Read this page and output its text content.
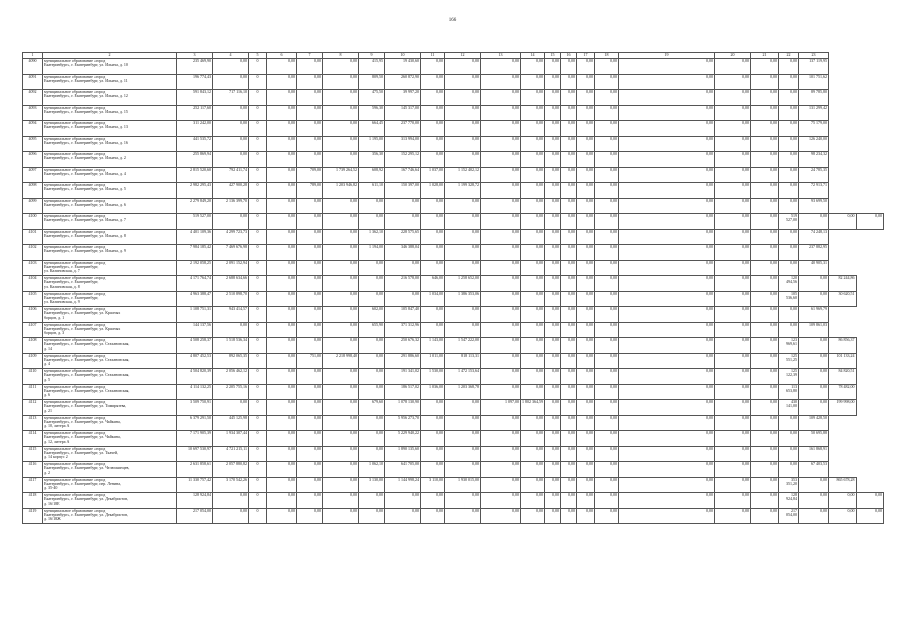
166
1	2	3	4	5	6	7	8	9	10	11	12	13	14	15	16	17	18	19	20	21	22	23		
4090	муниципальное образование «город
Екатеринбург», г. Екатеринбург, ул. Ильича, д. 10	235 469,90	0,00	0	0,00	0,00	0,00	415,95	19 430,60	0,00	0,00	0,00	0,00	0,00	0,00	0,00	0,00	0,00	0,00	0,00	0,00	137 119,95		
4091	муниципальное образование «город
Екатеринбург», г. Екатеринбург, ул. Ильича, д. 11	196 774,43	0,00	0	0,00	0,00	0,00	809,50	260 872,90	0,00	0,00	0,00	0,00	0,00	0,00	0,00	0,00	0,00	0,00	0,00	0,00	101 751,62		
4092	муниципальное образование «город
Екатеринбург», г. Екатеринбург, ул. Ильича, д. 12	591 843,12	717 116,10	0	0,00	0,00	0,00	475,50	39 997,20	0,00	0,00	0,00	0,00	0,00	0,00	0,00	0,00	0,00	0,00	0,00	0,00	89 785,80		
4093	муниципальное образование «город
Екатеринбург», г. Екатеринбург, ул. Ильича, д. 15	252 117,60	0,00	0	0,00	0,00	0,00	596,30	145 317,00	0,00	0,00	0,00	0,00	0,00	0,00	0,00	0,00	0,00	0,00	0,00	0,00	131 299,42		
4094	муниципальное образование «город
Екатеринбург», г. Екатеринбург, ул. Ильича, д. 13	311 242,00	0,00	0	0,00	0,00	0,00	664,45	237 770,00	0,00	0,00	0,00	0,00	0,00	0,00	0,00	0,00	0,00	0,00	0,00	0,00	75 179,00		
4095	муниципальное образование «город
Екатеринбург», г. Екатеринбург, ул. Ильича, д. 16	441 535,72	0,00	0	0,00	0,00	0,00	1 195,00	313 994,00	0,00	0,00	0,00	0,00	0,00	0,00	0,00	0,00	0,00	0,00	0,00	0,00	126 240,00		
4096	муниципальное образование «город
Екатеринбург», г. Екатеринбург, ул. Ильича, д. 2	255 869,94	0,00	0	0,00	0,00	0,00	356,30	152 295,12	0,00	0,00	0,00	0,00	0,00	0,00	0,00	0,00	0,00	0,00	0,00	0,00	98 234,32		
4097	муниципальное образование «город
Екатеринбург», г. Екатеринбург, ул. Ильича, д. 4	2 815 520,60	792 411,74	0	0,00	709,00	1 739 264,52	608,92	167 746,64	1 037,00	1 152 402,12	0,00	0,00	0,00	0,00	0,00	0,00	0,00	0,00	0,00	0,00	24 785,35		
4098	муниципальное образование «город
Екатеринбург», г. Екатеринбург, ул. Ильича, д. 5	2 982 295,43	427 900,28	0	0,00	789,00	1 203 946,82	611,10	150 397,00	1 028,00	1 199 328,72	0,00	0,00	0,00	0,00	0,00	0,00	0,00	0,00	0,00	0,00	72 913,71		
4099	муниципальное образование «город
Екатеринбург», г. Екатеринбург, ул. Ильича, д. 6	2 279 849,20	2 136 399,70	0	0,00	0,00	0,00	0,00	0,00	0,00	0,00	0,00	0,00	0,00	0,00	0,00	0,00	0,00	0,00	0,00	0,00	93 699,50		
4100	муниципальное образование «город
Екатеринбург», г. Екатеринбург, ул. Ильича, д. 7	519 527,00	0,00	0	0,00	0,00	0,00	0,00	0,00	0,00	0,00	0,00	0,00	0,00	0,00	0,00	0,00	0,00	0,00	0,00	519 527,00	0,00	0,00	0,00
4101	муниципальное образование «город
Екатеринбург», г. Екатеринбург, ул. Ильича, д. 8	4 401 109,36	4 299 723,73	0	0,00	0,00	0,00	1 362,10	228 575,65	0,00	0,00	0,00	0,00	0,00	0,00	0,00	0,00	0,00	0,00	0,00	0,00	74 248,13		
4102	муниципальное образование «город
Екатеринбург», г. Екатеринбург, ул. Ильича, д. 9	7 984 185,42	7 469 676,98	0	0,00	0,00	0,00	1 194,00	346 388,04	0,00	0,00	0,00	0,00	0,00	0,00	0,00	0,00	0,00	0,00	0,00	0,00	237 882,95		
4103	муниципальное образование «город
Екатеринбург», г. Екатеринбург,
ул. Калиновская, д. 7	2 192 058,25	2 091 152,94	0	0,00	0,00	0,00	0,00	0,00	0,00	0,00	0,00	0,00	0,00	0,00	0,00	0,00	0,00	0,00	0,00	0,00	40 905,31		
4104	муниципальное образование «город
Екатеринбург», г. Екатеринбург,
ул. Калиновская, д. 8	4 171 764,74	2 688 634,66	0	0,00	0,00	0,00	0,00	216 578,00	646,00	1 258 652,00	0,00	0,00	0,00	0,00	0,00	0,00	0,00	0,00	0,00	120 494,56	0,00	82 244,86	
4105	муниципальное образование «город
Екатеринбург», г. Екатеринбург,
ул. Калиновская, д. 9	4 963 388,47	2 510 898,70	0	0,00	0,00	0,00	0,00	0,00	1 034,00	1 386 353,06	0,00	0,00	0,00	0,00	0,00	0,00	0,00	0,00	0,00	105 536,60	0,00	30 620,51	
4106	муниципальное образование «город
Екатеринбург», г. Екатеринбург, ул. Красных
борцов, д. 1	1 108 751,31	943 414,57	0	0,00	0,00	0,00	602,00	105 847,40	0,00	0,00	0,00	0,00	0,00	0,00	0,00	0,00	0,00	0,00	0,00	0,00	61 969,79		
4107	муниципальное образование «город
Екатеринбург», г. Екатеринбург, ул. Красных
борцов, д. 3	144 137,56	0,00	0	0,00	0,00	0,00	655,90	371 312,96	0,00	0,00	0,00	0,00	0,00	0,00	0,00	0,00	0,00	0,00	0,00	0,00	109 861,03		
4108	муниципальное образование «город
Екатеринбург», г. Екатеринбург, ул. Стахановская,
д. 14	4 508 258,37	1 518 536,34	0	0,00	0,00	0,00	0,00	250 676,32	1 143,00	1 547 222,00	0,00	0,00	0,00	0,00	0,00	0,00	0,00	0,00	0,00	123 969,61	0,00	86 856,37	
4109	муниципальное образование «город
Екатеринбург», г. Екатеринбург, ул. Стахановская,
д. 4	4 807 452,53	892 065,35	0	0,00	751,00	2 218 998,40	0,00	291 886,60	1 011,00	818 113,31	0,00	0,00	0,00	0,00	0,00	0,00	0,00	0,00	0,00	125 551,25	0,00	101 133,24	
4110	муниципальное образование «город
Екатеринбург», г. Екатеринбург, ул. Стахановская,
д. 5	4 504 820,39	2 056 462,12	0	0,00	0,00	0,00	0,00	191 341,02	1 530,00	1 472 153,64	0,00	0,00	0,00	0,00	0,00	0,00	0,00	0,00	0,00	125 122,39	0,00	84 820,51	
4111	муниципальное образование «город
Екатеринбург», г. Екатеринбург, ул. Стахановская,
д. 6	4 114 132,25	2 205 755,16	0	0,00	0,00	0,00	0,00	186 517,02	1 036,00	1 203 368,78	0,00	0,00	0,00	0,00	0,00	0,00	0,00	0,00	0,00	113 653,80	0,00	78 482,00	
4112	муниципальное образование «город
Екатеринбург», г. Екатеринбург, ул. Тимирязева,
д. 21	3 509 750,91	0,00	0	0,00	0,00	0,00	679,60	1 078 130,90	0,00	0,00	1 097,00	1 802 364,59	0,00	0,00	0,00	0,00	0,00	0,00	0,00	430 141,00	0,00	199 998,00	
4113	муниципальное образование «город
Екатеринбург», г. Екатеринбург, ул. Чайкина,
д. 10, литера А	6 379 291,50	445 125,98	0	0,00	0,00	0,00	0,00	5 956 273,70	0,00	0,00	0,00	0,00	0,00	0,00	0,00	0,00	0,00	0,00	0,00	0,00	109 428,50		
4114	муниципальное образование «город
Екатеринбург», г. Екатеринбург, ул. Чайкина,
д. 12, литера А	7 171 905,39	1 934 307,44	0	0,00	0,00	0,00	0,00	5 229 940,22	0,00	0,00	0,00	0,00	0,00	0,00	0,00	0,00	0,00	0,00	0,00	0,00	50 695,88		
4115	муниципальное образование «город
Екатеринбург», г. Екатеринбург, ул. Ткачей,
д. 14 корпус 2	10 697 530,97	4 721 215,11	0	0,00	0,00	0,00	0,00	1 890 135,60	0,00	0,00	0,00	0,00	0,00	0,00	0,00	0,00	0,00	0,00	0,00	0,00	161 868,91		
4116	муниципальное образование «город
Екатеринбург», г. Екатеринбург, ул. Челюскинцев,
д. 2	2 631 858,61	2 057 880,82	0	0,00	0,00	0,00	1 062,10	641 705,00	0,00	0,00	0,00	0,00	0,00	0,00	0,00	0,00	0,00	0,00	0,00	0,00	67 403,53		
4117	муниципальное образование «город
Екатеринбург», г. Екатеринбург, пер. Ленина,
д. 35-40	11 330 757,42	3 170 542,26	0	0,00	0,00	0,00	3 130,00	1 144 998,24	3 110,00	1 930 015,00	0,00	0,00	0,00	0,00	0,00	0,00	0,00	0,00	0,00	353 351,20	0,00	865 678,28	
4118	муниципальное образование «город
Екатеринбург», г. Екатеринбург, ул. Декабристов,
д. 16/18Е	128 924,84	0,00	0	0,00	0,00	0,00	0,00	0,00	0,00	0,00	0,00	0,00	0,00	0,00	0,00	0,00	0,00	0,00	0,00	128 924,84	0,00	0,00	0,00
4119	муниципальное образование «город
Екатеринбург», г. Екатеринбург, ул. Декабристов,
д. 16/18Ж	217 054,00	0,00	0	0,00	0,00	0,00	0,00	0,00	0,00	0,00	0,00	0,00	0,00	0,00	0,00	0,00	0,00	0,00	0,00	217 054,00	0,00	0,00	0,00
